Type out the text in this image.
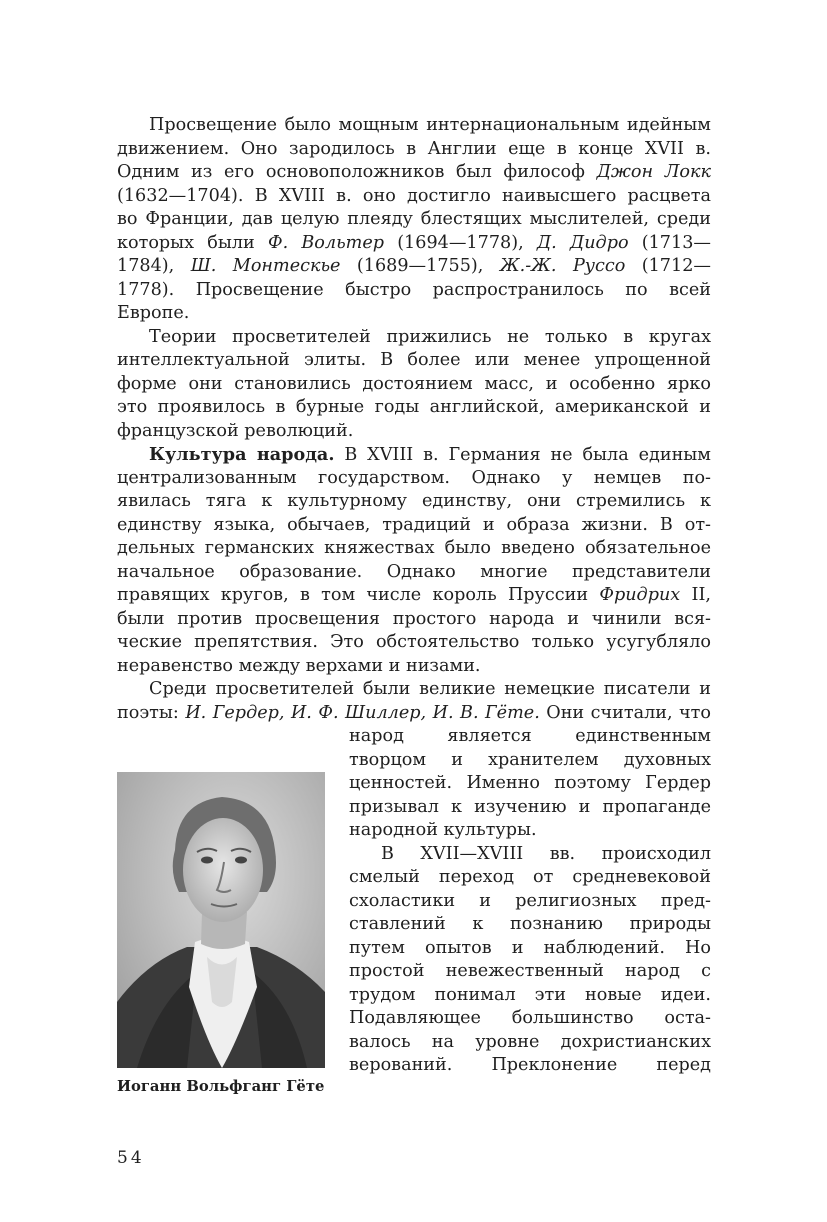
Просвещение было мощным интернациональным идейным
движением. Оно зародилось в Англии еще в конце XVII в.
Одним из его основоположников был философ Джон Локк
(1632—1704). В XVIII в. оно достигло наивысшего расцвета
во Франции, дав целую плеяду блестящих мыслителей, среди
которых были Ф. Вольтер (1694—1778), Д. Дидро (1713—
1784), Ш. Монтескье (1689—1755), Ж.-Ж. Руссо (1712—
1778). Просвещение быстро распространилось по всей
Европе.
Теории просветителей прижились не только в кругах
интеллектуальной элиты. В более или менее упрощенной
форме они становились достоянием масс, и особенно ярко
это проявилось в бурные годы английской, американской и
французской революций.
Культура народа. В XVIII в. Германия не была единым
централизованным государством. Однако у немцев по-
явилась тяга к культурному единству, они стремились к
единству языка, обычаев, традиций и образа жизни. В от-
дельных германских княжествах было введено обязательное
начальное образование. Однако многие представители
правящих кругов, в том числе король Пруссии Фридрих II,
были против просвещения простого народа и чинили вся-
ческие препятствия. Это обстоятельство только усугубляло
неравенство между верхами и низами.
Среди просветителей были великие немецкие писатели и
поэты: И. Гердер, И. Ф. Шиллер, И. В. Гёте. Они считали, что
народ является единственным
творцом и хранителем духовных
ценностей. Именно поэтому Гердер
призывал к изучению и пропаганде
народной культуры.
В XVII—XVIII вв. происходил
смелый переход от средневековой
схоластики и религиозных пред-
ставлений к познанию природы
путем опытов и наблюдений. Но
простой невежественный народ с
трудом понимал эти новые идеи.
Подавляющее большинство оста-
валось на уровне дохристианских
верований. Преклонение перед
Иоганн Вольфганг Гёте
54
